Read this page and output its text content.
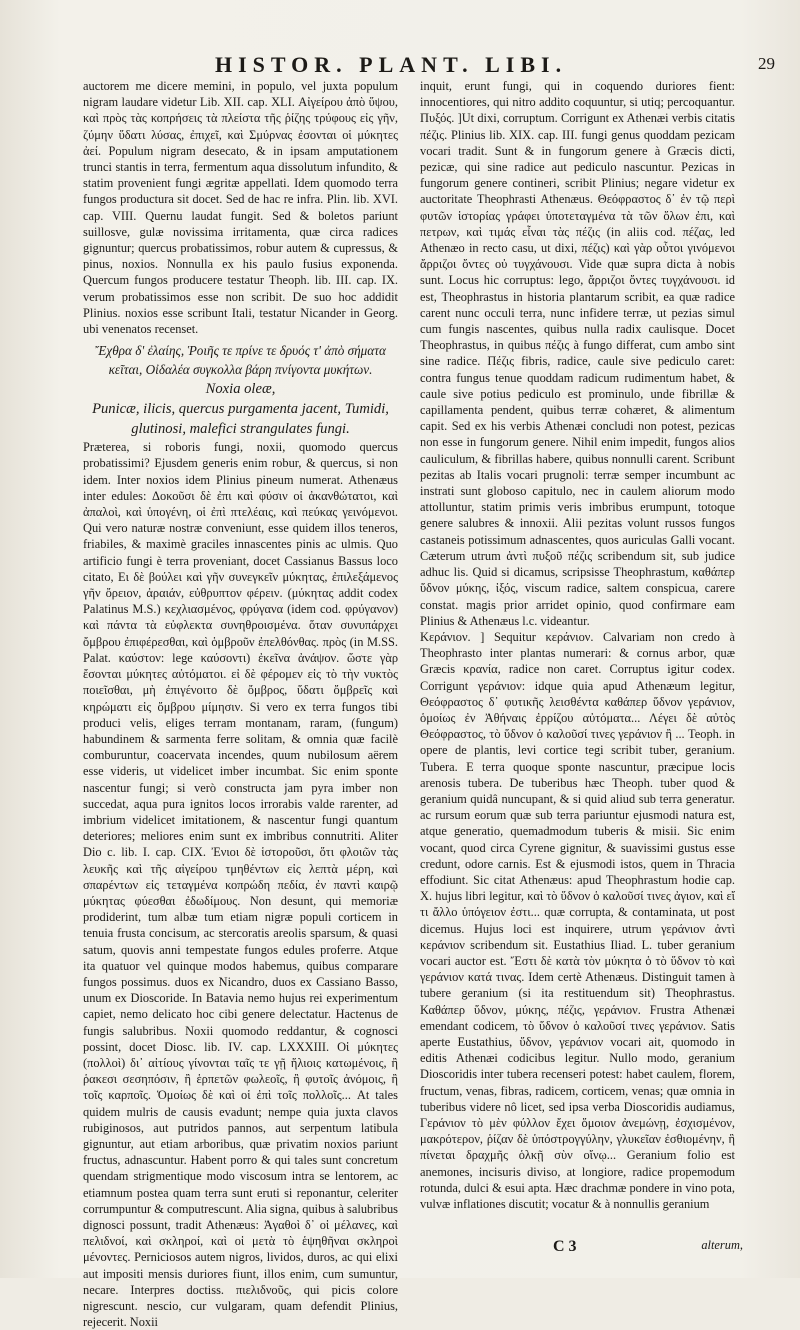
HISTOR. PLANT. LIBI.	29

auctorem me dicere memini, in populo, vel juxta populum nigram laudare videtur Lib. XII. cap. XLI. Αἰγείρου ἀπὸ ὕψου, καὶ πρὸς τὰς κοπρήσεις τὰ πλείστα τῆς ῥίζης τρύφους εἰς γῆν, ζύμην ὕδατι λύσας, ἐπιχεῖ, καὶ Σμύρνας ἐσονται οἱ μύκητες ἀεί. Populum nigram desecato, & in ipsam amputationem trunci stantis in terra, fermentum aqua dissolutum infundito, & statim provenient fungi ægritæ appellati. Idem quomodo terra fungos productura sit docet. Sed de hac re infra. Plin. lib. XVI. cap. VIII. Quernu laudat fungit. Sed & boletos pariunt suillosve, gulæ novissima irritamenta, quæ circa radices gignuntur; quercus probatissimos, robur autem & cupressus, & pinus, noxios. Nonnulla ex his paulo fusius exponenda. Quercum fungos producere testatur Theoph. lib. III. cap. IX. verum probatissimos esse non scribit. De suo hoc addidit Plinius. noxios esse scribunt Itali, testatur Nicander in Georg. ubi venenatos recenset.

Ἔχθρα δ' ἐλαίης, Ῥοιῆς τε πρίνε τε δρυός τ' ἀπὸ σήματα κεῖται, Οἰδαλέα συγκολλα βάρη πνίγοντα μυκήτων.

Noxia oleæ,

Punicæ, ilicis, quercus purgamenta jacent, Tumidi, glutinosi, malefici strangulates fungi.

Præterea, si roboris fungi, noxii, quomodo quercus probatissimi? Ejusdem generis enim robur, & quercus, si non idem. Inter noxios idem Plinius pineum numerat. Athenæus inter edules: Δοκοῦσι δὲ ἐπι καὶ φύσιν οἱ ἀκανθώτατοι, καὶ ἀπαλοὶ, καὶ ὑπογένη, οἱ ἐπὶ πτελέαις, καὶ πεύκας γεινόμενοι. Qui vero naturæ nostræ conveniunt, esse quidem illos teneros, friabiles, & maximè graciles innascentes pinis ac ulmis. Quo artificio fungi è terra proveniant, docet Cassianus Bassus loco citato, Ει δὲ βούλει καὶ γῆν συνεγκεῖν μύκητας, ἐπιλεξάμενος γῆν ὄρειον, ἀραιάν, εὐθρυπτον φέρειν. (μύκητας addit codex Palatinus M.S.) κεχλιασμένος, φρύγανα (idem cod. φρύγανον) καὶ πάντα τὰ εὐφλεκτα συνηθροισμένα. ὅταν συνυπάρχει ὄμβρου ἐπιφέρεσθαι, καὶ ὁμβροῦν ἐπελθόνθας. πρὸς (in M.SS. Palat. καύστον: lege καύσοντι) ἐκεῖνα ἀνάψον. ὥστε γὰρ ἔσονται μύκητες αὐτόματοι. εἰ δὲ φέρομεν εἰς τὸ τὴν νυκτὸς ποιεῖσθαι, μὴ ἐπιγένοιτο δὲ ὄμβρος, ὕδατι ὄμβρεῖς καὶ κηρώματι εἰς ὄμβρου μίμησιν. Si vero ex terra fungos tibi produci velis, eliges terram montanam, raram, (fungum) habundinem & sarmenta ferre solitam, & omnia quæ facilè comburuntur, coacervata incendes, quum nubilosum aërem esse videris, ut videlicet imber incumbat. Sic enim sponte nascentur fungi; si verò constructa jam pyra imber non succedat, aqua pura ignitos locos irrorabis valde rarenter, ad imbrium videlicet imitationem, & nascentur fungi quantum deteriores; meliores enim sunt ex imbribus connutriti. Aliter Dio c. lib. I. cap. CIX. Ἐνιοι δὲ ἱστοροῦσι, ὅτι φλοιῶν τὰς λευκῆς καὶ τῆς αἰγείρου τμηθέντων εἰς λεπτὰ μέρη, καὶ σπαρέντων εἰς τεταγμένα κοπρώδη πεδία, ἐν παντὶ καιρῷ μύκητας φύεσθαι ἐδωδίμους. Non desunt, qui memoriæ prodiderint, tum albæ tum etiam nigræ populi corticem in tenuia frusta concisum, ac stercoratis areolis sparsum, & quasi satum, quovis anni tempestate fungos edules proferre. Atque ita quatuor vel quinque modos habemus, quibus comparare fungos possimus. duos ex Nicandro, duos ex Cassiano Basso, unum ex Dioscoride. In Batavia nemo hujus rei experimentum capiet, nemo delicato hoc cibi genere delectatur. Hactenus de fungis salubribus. Noxii quomodo reddantur, & cognosci possint, docet Diosc. lib. IV. cap. LXXXIII. Οἱ μύκητες (πολλοὶ) δι᾽ αἰτίους γίνονται ταῖς τε γῇ ἥλιοις κατωμένοις, ἢ ῥακεσι σεσηπόσιν, ἢ ἑρπετῶν φωλεοῖς, ἢ φυτοῖς ἀνόμοις, ἢ τοῖς καρποῖς. Ὁμοίως δὲ καὶ οἱ ἐπὶ τοῖς πολλοῖς... At tales quidem mulris de causis evadunt; nempe quia juxta clavos rubiginosos, aut putridos pannos, aut serpentum latibula gignuntur, aut etiam arboribus, quæ privatim noxios pariunt fructus, adnascuntur. Habent porro & qui tales sunt concretum quendam strigmentique modo viscosum intra se lentorem, ac etiamnum postea quam terra sunt eruti si reponantur, celeriter corrumpuntur & computrescunt. Alia signa, quibus à salubribus dignosci possunt, tradit Athenæus: Ἀγαθοὶ δ᾽ οἱ μέλανες, καὶ πελιδνοί, καὶ σκληροί, καὶ οἱ μετὰ τὸ ἑψηθῆναι σκληροὶ μένοντες. Perniciosos autem nigros, lividos, duros, ac qui elixi aut impositi mensis duriores fiunt, illos enim, cum sumuntur, necare. Interpres doctiss. πιελιδνοῦς, qui picis colore nigrescunt. nescio, cur vulgaram, quam defendit Plinius, rejecerit. Noxii

inquit, erunt fungi, qui in coquendo duriores fient: innocentiores, qui nitro addito coquuntur, si utiq; percoquantur. Πυξός. ]Ut dixi, corruptum. Corrigunt ex Athenæi verbis citatis πέζις. Plinius lib. XIX. cap. III. fungi genus quoddam pezicam vocari tradit. Sunt & in fungorum genere à Græcis dicti, pezicæ, qui sine radice aut pediculo nascuntur. Pezicas in fungorum genere contineri, scribit Plinius; negare videtur ex auctoritate Theophrasti Athenæus. Θεόφραστος δ᾽ ἐν τῷ περὶ φυτῶν ἱστορίας γράφει ὑποτεταγμένα τὰ τῶν ὅλων ἐπι, καὶ πετρων, καὶ τιμάς εἶναι τὰς πέζις (in aliis cod. πέζας, led Athenæo in recto casu, ut dixi, πέζις) καὶ γὰρ οὗτοι γινόμενοι ἄρριζοι ὄντες οὐ τυγχάνουσι. Vide quæ supra dicta à nobis sunt. Locus hic corruptus: lego, ἄρριζοι ὄντες τυγχάνουσι. id est, Theophrastus in historia plantarum scribit, ea quæ radice carent nunc occuli terra, nunc infidere terræ, ut pezias simul cum fungis nascentes, quibus nulla radix caulisque. Docet Theophrastus, in quibus πέζις à fungo differat, cum ambo sint sine radice. Πέζις fibris, radice, caule sive pediculo caret: contra fungus tenue quoddam radicum rudimentum habet, & caule sive potius pediculo est prominulo, unde fibrillæ & capillamenta pendent, quibus terræ cohæret, & alimentum capit. Sed ex his verbis Athenæi concludi non potest, pezicas non esse in fungorum genere. Nihil enim impedit, fungos alios cauliculum, & fibrillas habere, quibus nonnulli carent. Scribunt pezitas ab Italis vocari prugnoli: terræ semper incumbunt ac instrati sunt globoso capitulo, nec in caulem aliorum modo attolluntur, statim primis veris imbribus erumpunt, totoque genere salubres & innoxii. Alii pezitas volunt russos fungos castaneis potissimum adnascentes, quos auriculas Galli vocant. Cæterum utrum ἀντὶ πυξοῦ πέζις scribendum sit, sub judice adhuc lis. Quid si dicamus, scripsisse Theophrastum, καθάπερ ὕδνον μύκης, ἰξός, viscum radice, saltem conspicua, carere constat. magis prior arridet opinio, quod confirmare eam Plinius & Athenæus l.c. videantur.

Κεράνιον. ] Sequitur κεράνιον. Calvariam non credo à Theophrasto inter plantas numerari: & cornus arbor, quæ Græcis κρανία, radice non caret. Corruptus igitur codex. Corrigunt γεράνιον: idque quia apud Athenæum legitur, Θεόφραστος δ᾽ φυτικῆς λεισθέντα καθάπερ ὕδνον γεράνιον, ὁμοίως ἐν Ἀθήναις ἐρρίζου αὐτόματα... Λέγει δὲ αὐτὸς Θεόφραστος, τὸ ὕδνον ὁ καλοῦσί τινες γεράνιον ἢ ... Teoph. in opere de plantis, levi cortice tegi scribit tuber, geranium. Tubera. E terra quoque sponte nascuntur, præcipue locis arenosis tubera. De tuberibus hæc Theoph. tuber quod & geranium quidâ nuncupant, & si quid aliud sub terra generatur. ac rursum eorum quæ sub terra pariuntur ejusmodi natura est, atque generatio, quemadmodum tuberis & misii. Sic enim vocant, quod circa Cyrene gignitur, & suavissimi gustus esse credunt, odore carnis. Est & ejusmodi istos, quem in Thracia effodiunt. Sic citat Athenæus: apud Theophrastum hodie cap. X. hujus libri legitur, καὶ τὸ ὕδνον ὁ καλοῦσί τινες ἀγιον, καὶ εἴ τι ἄλλο ὑπόγειον ἐστι... quæ corrupta, & contaminata, ut post dicemus. Hujus loci est inquirere, utrum γεράνιον ἀντὶ κεράνιον scribendum sit. Eustathius Iliad. L. tuber geranium vocari auctor est. Ἔστι δὲ κατὰ τὸν μύκητα ὁ τὸ ὕδνον τὸ καὶ γεράνιον κατά τινας. Idem certè Athenæus. Distinguit tamen à tubere geranium (si ita restituendum sit) Theophrastus. Καθάπερ ὕδνον, μύκης, πέζις, γεράνιον. Frustra Athenæi emendant codicem, τὸ ὕδνον ὁ καλοῦσί τινες γεράνιον. Satis aperte Eustathius, ὕδνον, γεράνιον vocari ait, quomodo in editis Athenæi codicibus legitur. Nullo modo, geranium Dioscoridis inter tubera recenseri potest: habet caulem, florem, fructum, venas, fibras, radicem, corticem, venas; quæ omnia in tuberibus videre nô licet, sed ipsa verba Dioscoridis audiamus, Γεράνιον τὸ μὲν φύλλον ἔχει ὅμοιον ἀνεμώνῃ, ἐσχισμένον, μακρότερον, ῥίζαν δὲ ὑπόστρογγύλην, γλυκεῖαν ἐσθιομένην, ἣ πίνεται δραχμῆς ὁλκῇ σὺν οἴνῳ... Geranium folio est anemones, incisuris diviso, at longiore, radice propemodum rotunda, dulci & esui apta. Hæc drachmæ pondere in vino pota, vulvæ inflationes discutit; vocatur & à nonnullis geranium

C 3	alterum,
